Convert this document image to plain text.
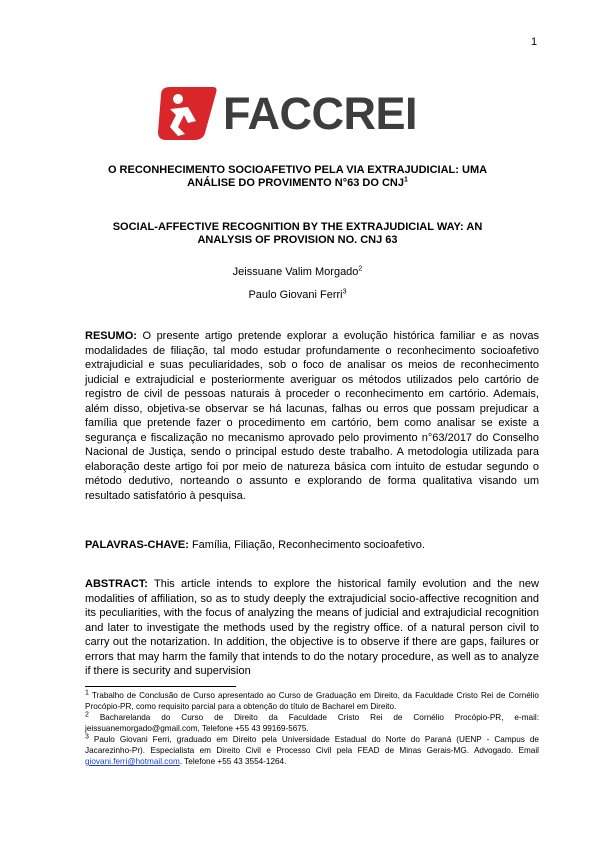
1
FACCREI
O RECONHECIMENTO SOCIOAFETIVO PELA VIA EXTRAJUDICIAL: UMA
ANÁLISE DO PROVIMENTO N°63 DO CNJ$^1$
SOCIAL-AFFECTIVE RECOGNITION BY THE EXTRAJUDICIAL WAY: AN
ANALYSIS OF PROVISION NO. CNJ 63
Jeissuane Valim Morgado$^2$
Paulo Giovani Ferri$^3$
RESUMO: O presente artigo pretende explorar a evolução histórica familiar e as novas modalidades de filiação, tal modo estudar profundamente o reconhecimento socioafetivo extrajudicial e suas peculiaridades, sob o foco de analisar os meios de reconhecimento judicial e extrajudicial e posteriormente averiguar os métodos utilizados pelo cartório de registro de civil de pessoas naturais à proceder o reconhecimento em cartório. Ademais, além disso, objetiva-se observar se há lacunas, falhas ou erros que possam prejudicar a família que pretende fazer o procedimento em cartório, bem como analisar se existe a segurança e fiscalização no mecanismo aprovado pelo provimento n°63/2017 do Conselho Nacional de Justiça, sendo o principal estudo deste trabalho. A metodologia utilizada para elaboração deste artigo foi por meio de natureza básica com intuito de estudar segundo o método dedutivo, norteando o assunto e explorando de forma qualitativa visando um resultado satisfatório à pesquisa.
PALAVRAS-CHAVE: Família, Filiação, Reconhecimento socioafetivo.
ABSTRACT: This article intends to explore the historical family evolution and the new modalities of affiliation, so as to study deeply the extrajudicial socio-affective recognition and its peculiarities, with the focus of analyzing the means of judicial and extrajudicial recognition and later to investigate the methods used by the registry office. of a natural person civil to carry out the notarization. In addition, the objective is to observe if there are gaps, failures or errors that may harm the family that intends to do the notary procedure, as well as to analyze if there is security and supervision

$^1$ Trabalho de Conclusão de Curso apresentado ao Curso de Graduação em Direito, da Faculdade Cristo Rei de Cornélio Procópio-PR, como requisito parcial para a obtenção do título de Bacharel em Direito.

$^2$ Bacharelanda do Curso de Direito da Faculdade Cristo Rei de Cornélio Procópio-PR, e-mail: jeissuanemorgado@gmail.com, Telefone +55 43 99169-5675.

$^3$ Paulo Giovani Ferri, graduado em Direito pela Universidade Estadual do Norte do Paraná (UENP - Campus de Jacarezinho-Pr). Especialista em Direito Civil e Processo Civil pela FEAD de Minas Gerais-MG. Advogado. Email giovani.ferri@hotmail.com. Telefone +55 43 3554-1264.
